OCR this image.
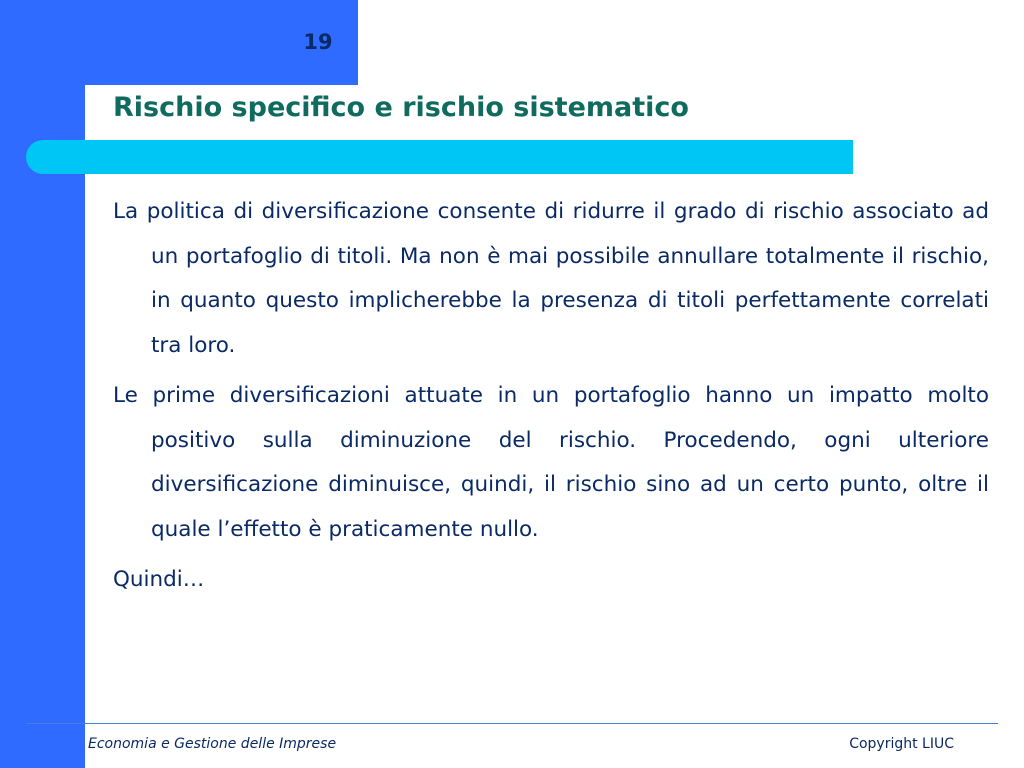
19
Rischio specifico e rischio sistematico

La politica di diversificazione consente di ridurre il grado di rischio associato ad un portafoglio di titoli. Ma non è mai possibile annullare totalmente il rischio, in quanto questo implicherebbe la presenza di titoli perfettamente correlati tra loro.

Le prime diversificazioni attuate in un portafoglio hanno un impatto molto positivo sulla diminuzione del rischio. Procedendo, ogni ulteriore diversificazione diminuisce, quindi, il rischio sino ad un certo punto, oltre il quale l’effetto è praticamente nullo.

Quindi…

Economia e Gestione delle Imprese	Copyright LIUC
